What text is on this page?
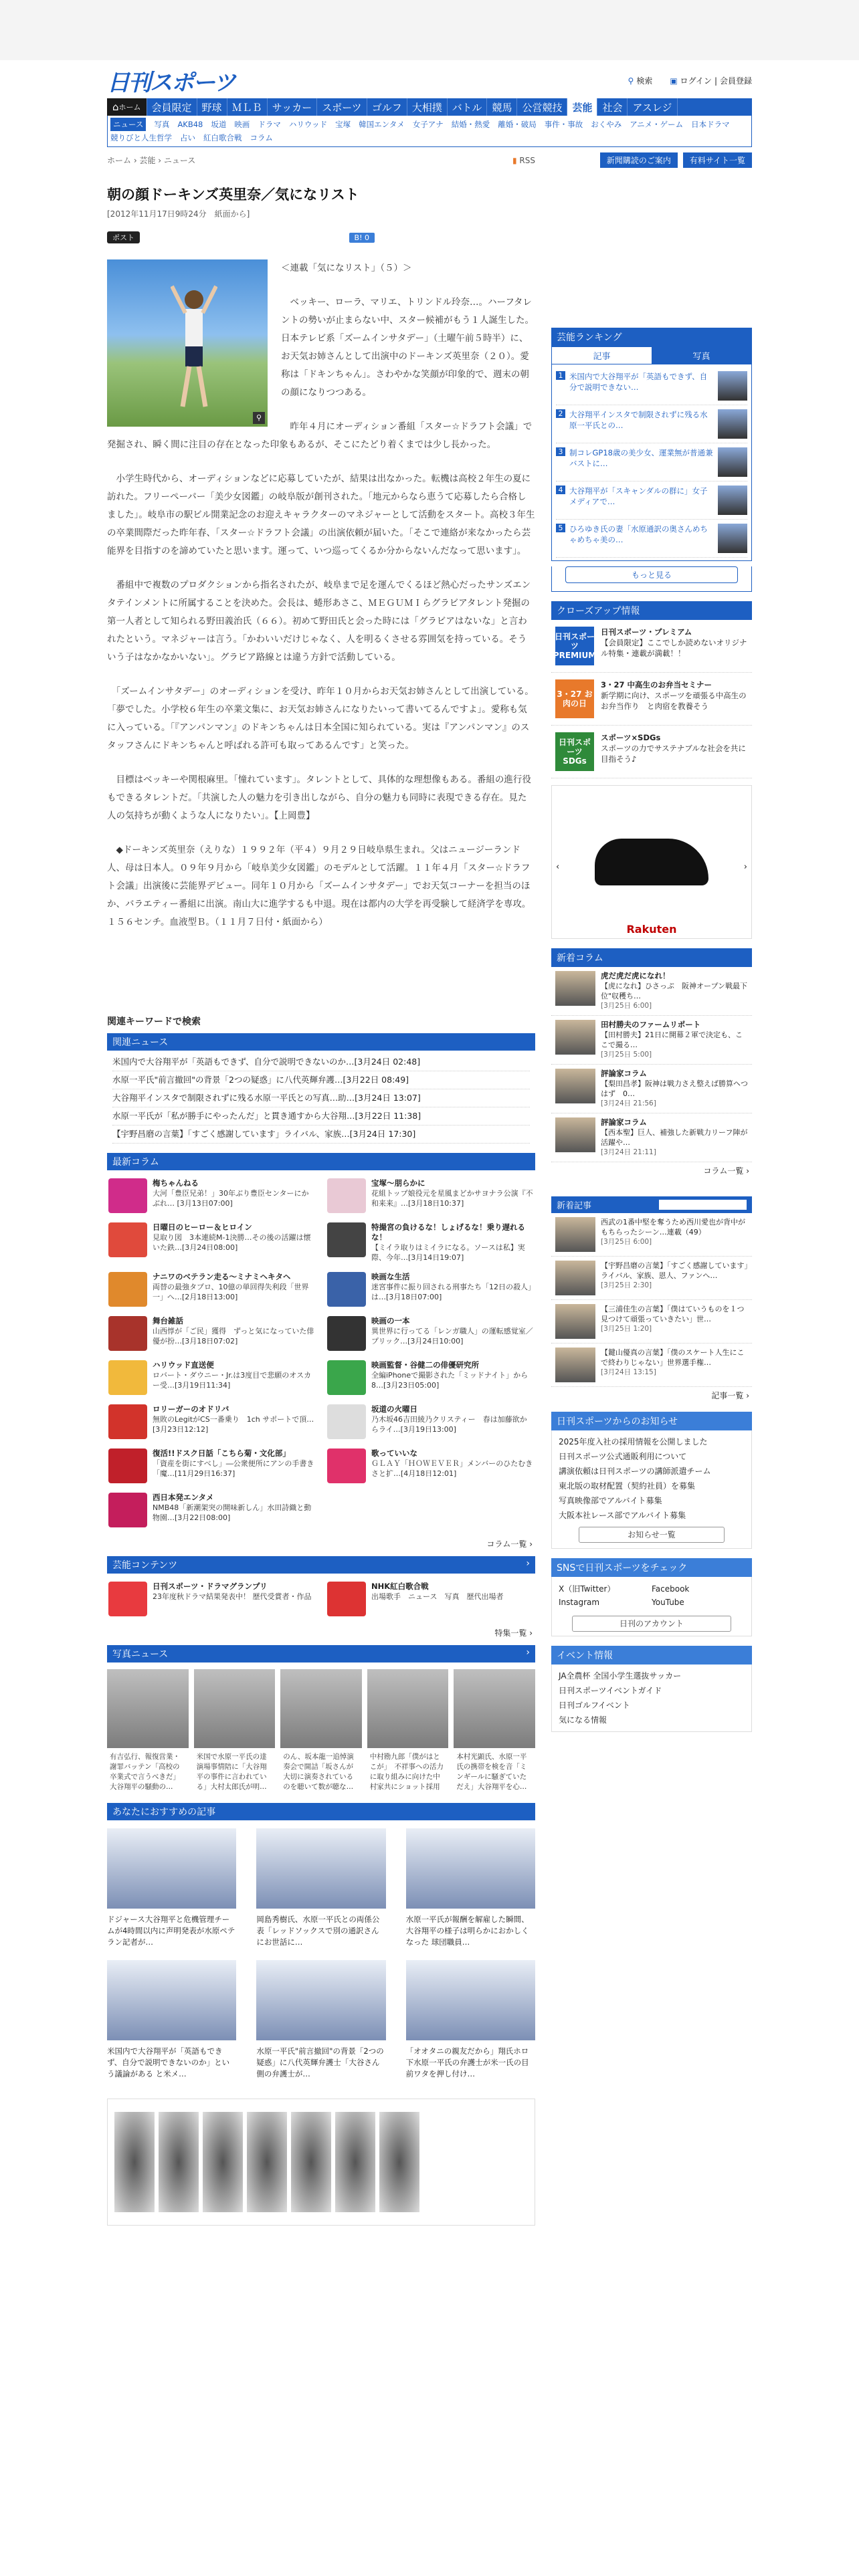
日刊スポーツ	⚲ 検索 ▣ ログイン | 会員登録
⌂ ホーム	会員限定	野球	ＭＬＢ	サッカー	スポーツ	ゴルフ	大相撲	バトル	競馬	公営競技	芸能	社会	アスレジ
ニュース	写真 AKB48 坂道 映画 ドラマ ハリウッド 宝塚 韓国エンタメ 女子アナ 結婚・熱愛 離婚・破局 事件・事故 おくやみ アニメ・ゲーム 日本ドラマ
競りびと人生哲学 占い 紅白歌合戦 コラム
ホーム › 芸能 › ニュース	▮ RSS	新聞購読のご案内	有料サイト一覧
朝の顔ドーキンズ英里奈／気になリスト
[2012年11月17日9時24分　紙面から]
ポスト	B! 0
⚲

＜連載「気になリスト」（５）＞

　ベッキー、ローラ、マリエ、トリンドル玲奈…。ハーフタレントの勢いが止まらない中、スター候補がもう１人誕生した。日本テレビ系「ズームインサタデー」（土曜午前５時半）に、お天気お姉さんとして出演中のドーキンズ英里奈（２０）。愛称は「ドキンちゃん」。さわやかな笑顔が印象的で、週末の朝の顔になりつつある。

　昨年４月にオーディション番組「スター☆ドラフト会議」で発掘され、瞬く間に注目の存在となった印象もあるが、そこにたどり着くまでは少し長かった。

　小学生時代から、オーディションなどに応募していたが、結果は出なかった。転機は高校２年生の夏に訪れた。フリーペーパー「美少女図鑑」の岐阜版が創刊された。「地元からなら恵うて応募したら合格しました」。岐阜市の駅ビル開業記念のお迎えキャラクターのマネジャーとして活動をスタート。高校３年生の卒業間際だった昨年春、「スター☆ドラフト会議」の出演依頼が届いた。「そこで連絡が来なかったら芸能界を目指すのを諦めていたと思います。運って、いつ巡ってくるか分からないんだなって思います」。

　番組中で複数のプロダクションから指名されたが、岐阜まで足を運んでくるほど熱心だったサンズエンタテインメントに所属することを決めた。会長は、蜷形あさこ、ＭＥＧＵＭＩらグラビアタレント発掘の第一人者として知られる野田義治氏（６６）。初めて野田氏と会った時には「グラビアはないな」と言われたという。マネジャーは言う。「かわいいだけじゃなく、人を明るくさせる雰囲気を持っている。そういう子はなかなかいない」。グラビア路線とは違う方針で活動している。

　「ズームインサタデー」のオーディションを受け、昨年１０月からお天気お姉さんとして出演している。「夢でした。小学校６年生の卒業文集に、お天気お姉さんになりたいって書いてるんですよ」。愛称も気に入っている。「『アンパンマン』のドキンちゃんは日本全国に知られている。実は『アンパンマン』のスタッフさんにドキンちゃんと呼ばれる許可も取ってあるんです」と笑った。

　目標はベッキーや関根麻里。「憧れています」。タレントとして、具体的な理想像もある。番組の進行役もできるタレントだ。「共演した人の魅力を引き出しながら、自分の魅力も同時に表現できる存在。見た人の気持ちが動くような人になりたい」。【上岡豊】

　◆ドーキンズ英里奈（えりな）１９９２年（平４）９月２９日岐阜県生まれ。父はニュージーランド人、母は日本人。０９年９月から「岐阜美少女図鑑」のモデルとして活躍。１１年４月「スター☆ドラフト会議」出演後に芸能界デビュー。同年１０月から「ズームインサタデー」でお天気コーナーを担当のほか、バラエティー番組に出演。南山大に進学するも中退。現在は都内の大学を再受験して経済学を専攻。１５６センチ。血液型Ｂ。（１１月７日付・紙面から）

関連キーワードで検索
関連ニュース
米国内で大谷翔平が「英語もできず、自分で説明できないのか…[3月24日 02:48]
水原一平氏"前言撤回"の背景「2つの疑惑」に八代英輝弁護…[3月22日 08:49]
大谷翔平インスタで制限されずに残る水原一平氏との写真…助…[3月24日 13:07]
水原一平氏が「私が勝手にやったんだ」と貫き通すから大谷翔…[3月22日 11:38]
【宇野昌磨の言葉】「すごく感謝しています」ライバル、家族…[3月24日 17:30]
最新コラム
梅ちゃんねる
大河「豊臣兄弟！」30年ぶり豊臣センターにかぶれ… [3月13日07:00]
宝塚～朋らかに
花組トップ娘役元を星風まどかサヨナラ公演『不和来来』…[3月18日10:37]
日曜日のヒーロー＆ヒロイン
見取り図　3本連続M-1決勝…その後の活躍は懐いた鉄…[3月24日08:00]
特撮宮の負けるな！しょげるな！乗り遅れるな！
【ミイラ取りはミイラになる。ソースは私】実際、今年…[3月14日19:07]
ナニワのベテラン走る～ミナミヘキタヘ
両替の最強タプロ、10億の単回得失利段「世界一」へ…[2月18日13:00]
映画な生活
迷宮事件に振り回される刑事たち「12日の殺人」は…[3月18日07:00]
舞台雑話
山西惇が「ご民」獲得　ずっと気になっていた俳優が扮…[3月18日07:02]
映画の一本
異世界に行ってる「レンガ職人」の運転感覚室／プリック…[3月24日10:00]
ハリウッド直送便
ロバート・ダウニー・Jr.は3度目で悲願のオスカー受…[3月19日11:34]
映画監督・谷健二の俳優研究所
全編iPhoneで撮影された「ミッドナイト」から8…[3月23日05:00]
ロリーガーのオドリバ
無敗のLegitがCS一番乗り　1ch サポートで頂…[3月23日12:12]
坂道の火曜日
乃木坂46吉田綾乃クリスティー　春は加藤欲からライ…[3月19日13:00]
復活!!ドスク日話「こちら菊・文化部」
「資産を街にすべし」―公衆便所にアンの手書き「魔…[11月29日16:37]
歌っていいな
ＧＬＡＹ「ＨＯＷＥＶＥＲ」メンバーのひたむきさと扩…[4月18日12:01]
西日本発エンタメ
NMB48「新潮架突の開味新しん」水田詩織と動物園…[3月22日08:00]
コラム一覧 ›
芸能コンテンツ	›
日刊スポーツ・ドラマグランプリ
23年度秋ドラマ結果発表中！ 歴代受賞者・作品
NHK紅白歌合戦
出場歌手　ニュース　写真　歴代出場者
特集一覧 ›
写真ニュース	›
有吉弘行、報復営業・謝罪バッテン「高校の卒業式で言うべきだ」大谷翔平の騒動の…
米国で水原一平氏の達演場事情陪に「大谷翔平の事件に言われている」大村太郎氏が明…
のん、坂本龍一追悼演奏会で開詰「坂さんが大切に演奏されているのを聴いて数が聴な…
中村勘九郎「僕がはとこが」　不祥事への活力に取り組みに向けた中村家共にショット採用
本村光顕氏、水原一平氏の携帯を検を音「ミンギールに騒ぎていただえ」大谷翔平を心…
あなたにおすすめの記事
ドジャース大谷翔平と危機管理チームが4時間以内に声明発表が水原ペテラン記者が…
岡島秀樹氏、水原一平氏との両係公表「レッドソックスで別の通訳さんにお世話に…
水原一平氏が報酬を解雇した瞬間、大谷翔平の様子は明らかにおかしくなった 球団職員…
米国内で大谷翔平が「英語もできず、自分で説明できないのか」という議論がある と米メ…
水原一平氏"前言撤回"の背景「2つの疑惑」に八代英輝弁護士「大谷さん側の弁護士が…
「オオタニの親友だから」翔氏ホロ下水原一平氏の弁護士が米一氏の目前ワタを押し付け…
芸能ランキング
記事	写真
1 米国内で大谷翔平が「英語もできず、自分で説明できない…
2 大谷翔平インスタで制限されずに残る水原一平氏との…
3 制コレGP18歳の美少女、運業無が普通兼バストに…
4 大谷翔平が「スキャンダルの群に」女子メディアで…
5 ひろゆき氏の妻「水原通訳の奥さんめちゃめちゃ美の…
もっと見る
クローズアップ情報
日刊スポーツ PREMIUM
日刊スポーツ・プレミアム
【会員限定】ここでしか読めないオリジナル特集・連載が満載！！
3・27 お肉の日
3・27 中高生のお弁当セミナー
新学期に向け、スポーツを頑張る中高生のお弁当作り　と肉宿を教養そう
日刊スポーツ SDGs
スポーツ×SDGs
スポーツの力でサステナブルな社会を共に目指そう♪
‹	›
Rakuten
新着コラム
虎だ虎だ虎になれ！
【虎になれ】ひさっぷ　阪神オープン戦最下位"収穫ち…
[3月25日 6:00]
田村勝夫のファームリポート
【田村勝夫】21日に開幕２軍で決定も、ここで撮る…
[3月25日 5:00]
評論家コラム
【梨田昌孝】阪神は戦力さえ整えば勝算ヘつはず　0…
[3月24日 21:56]
評論家コラム
【西本聖】巨人、補強した新戦力リーフ陣が活躍や…
[3月24日 21:11]
コラム一覧 ›
新着記事	NIKKAN SPORTS
西武の1番中堅を奪うため西川愛也が背中がもちらったシーン…連載（49）
[3月25日 6:00]
【宇野昌磨の言葉】「すごく感謝しています」ライバル、家族、恩人、ファンへ…
[3月25日 2:30]
【三浦佳生の言葉】「僕はていうものを１つ見つけて頑張っていきたい」世…
[3月25日 1:20]
【鍵山優真の言葉】「僕のスケート人生にこで終わりじゃない」世界選手権…
[3月24日 13:15]
記事一覧 ›
日刊スポーツからのお知らせ
2025年度入社の採用情報を公開しました
日刊スポーツ公式通販利用について
講演依頼は日刊スポーツの講師派遣チーム
東北版の取材配置（契約社員）を募集
写真映像部でアルバイト募集
大阪本社レース部でアルバイト募集
お知らせ一覧
SNSで日刊スポーツをチェック
X（旧Twitter）	Facebook
Instagram	YouTube
日刊のアカウント
イベント情報
JA全農杯 全国小学生選抜サッカー
日刊スポーツイベントガイド
日刊ゴルフイベント
気になる情報
